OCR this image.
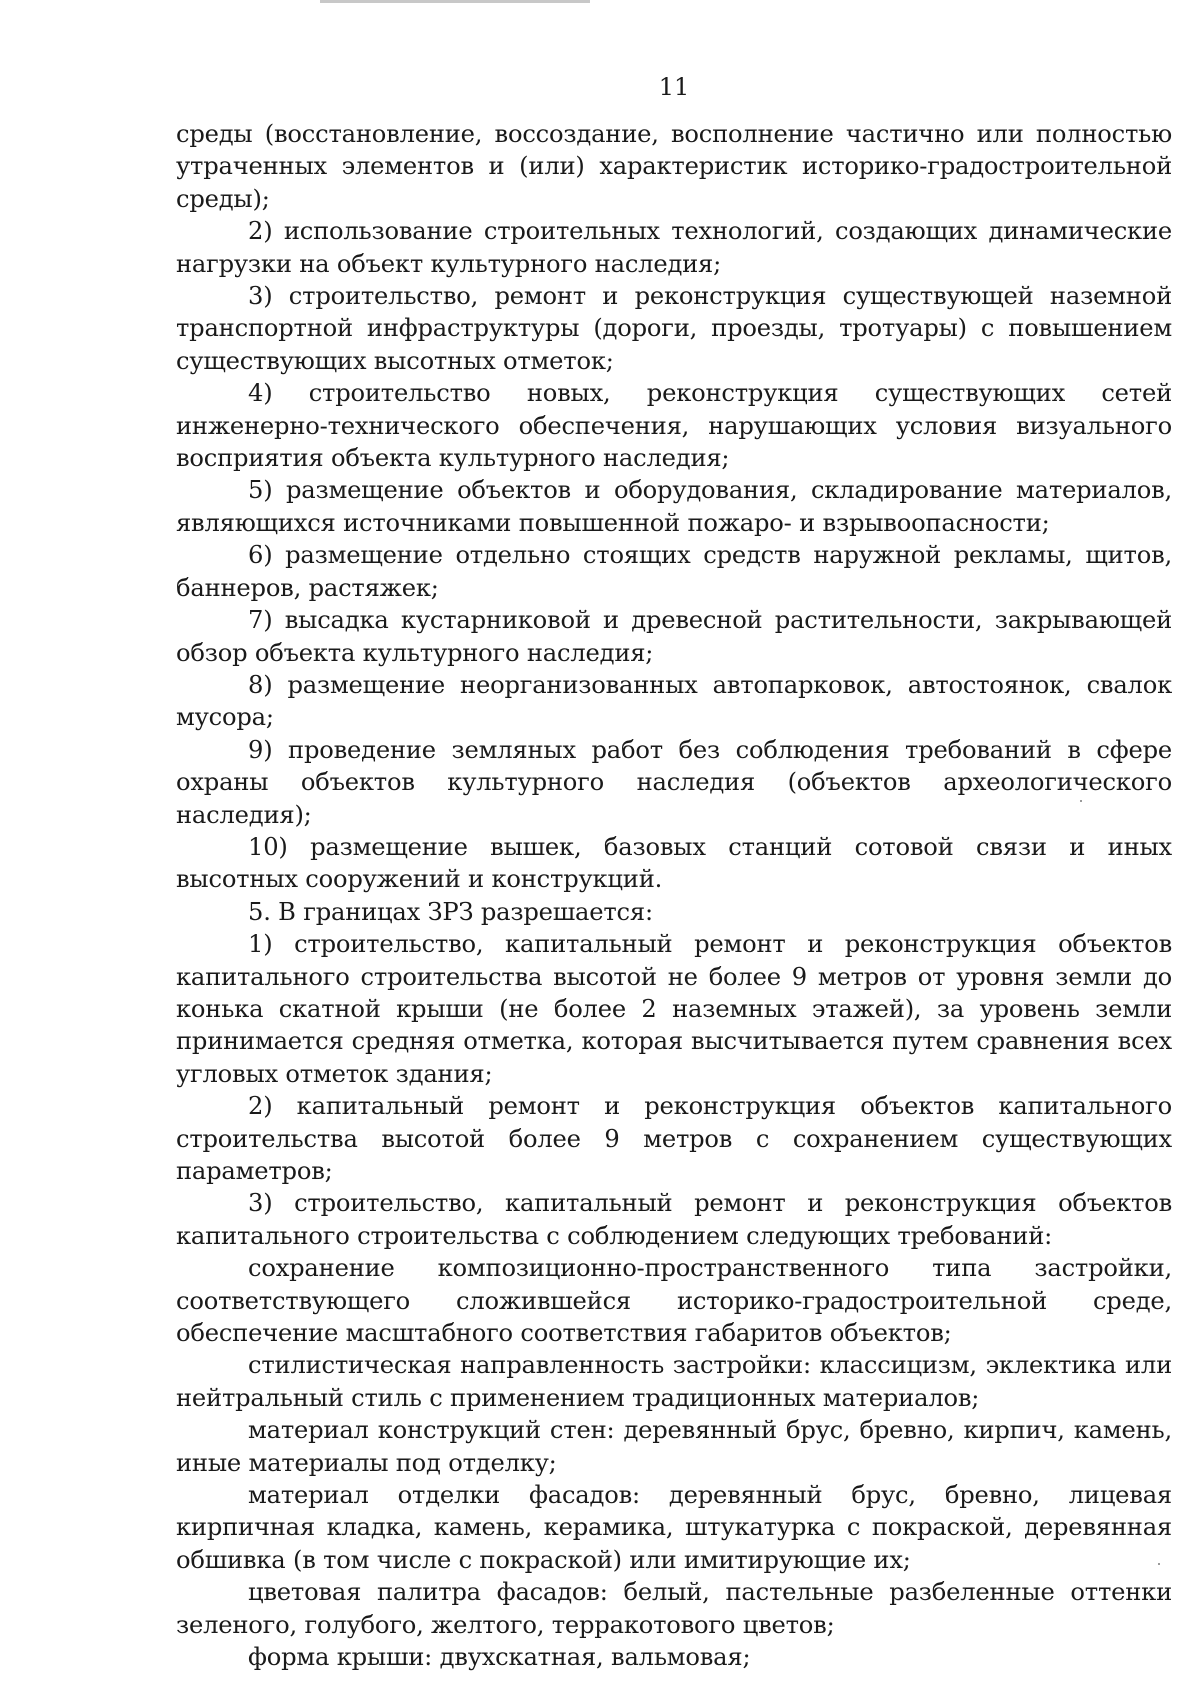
11

среды (восстановление, воссоздание, восполнение частично или полностью утраченных элементов и (или) характеристик историко-градостроительной среды);

2) использование строительных технологий, создающих динамические нагрузки на объект культурного наследия;

3) строительство, ремонт и реконструкция существующей наземной транспортной инфраструктуры (дороги, проезды, тротуары) с повышением существующих высотных отметок;

4) строительство новых, реконструкция существующих сетей инженерно-технического обеспечения, нарушающих условия визуального восприятия объекта культурного наследия;

5) размещение объектов и оборудования, складирование материалов, являющихся источниками повышенной пожаро- и взрывоопасности;

6) размещение отдельно стоящих средств наружной рекламы, щитов, баннеров, растяжек;

7) высадка кустарниковой и древесной растительности, закрывающей обзор объекта культурного наследия;

8) размещение неорганизованных автопарковок, автостоянок, свалок мусора;

9) проведение земляных работ без соблюдения требований в сфере охраны объектов культурного наследия (объектов археологического наследия);

10) размещение вышек, базовых станций сотовой связи и иных высотных сооружений и конструкций.

5. В границах ЗРЗ разрешается:

1) строительство, капитальный ремонт и реконструкция объектов капитального строительства высотой не более 9 метров от уровня земли до конька скатной крыши (не более 2 наземных этажей), за уровень земли принимается средняя отметка, которая высчитывается путем сравнения всех угловых отметок здания;

2) капитальный ремонт и реконструкция объектов капитального строительства высотой более 9 метров с сохранением существующих параметров;

3) строительство, капитальный ремонт и реконструкция объектов капитального строительства с соблюдением следующих требований:

сохранение композиционно-пространственного типа застройки, соответствующего сложившейся историко-градостроительной среде, обеспечение масштабного соответствия габаритов объектов;

стилистическая направленность застройки: классицизм, эклектика или нейтральный стиль с применением традиционных материалов;

материал конструкций стен: деревянный брус, бревно, кирпич, камень, иные материалы под отделку;

материал отделки фасадов: деревянный брус, бревно, лицевая кирпичная кладка, камень, керамика, штукатурка с покраской, деревянная обшивка (в том числе с покраской) или имитирующие их;

цветовая палитра фасадов: белый, пастельные разбеленные оттенки зеленого, голубого, желтого, терракотового цветов;

форма крыши: двухскатная, вальмовая;
